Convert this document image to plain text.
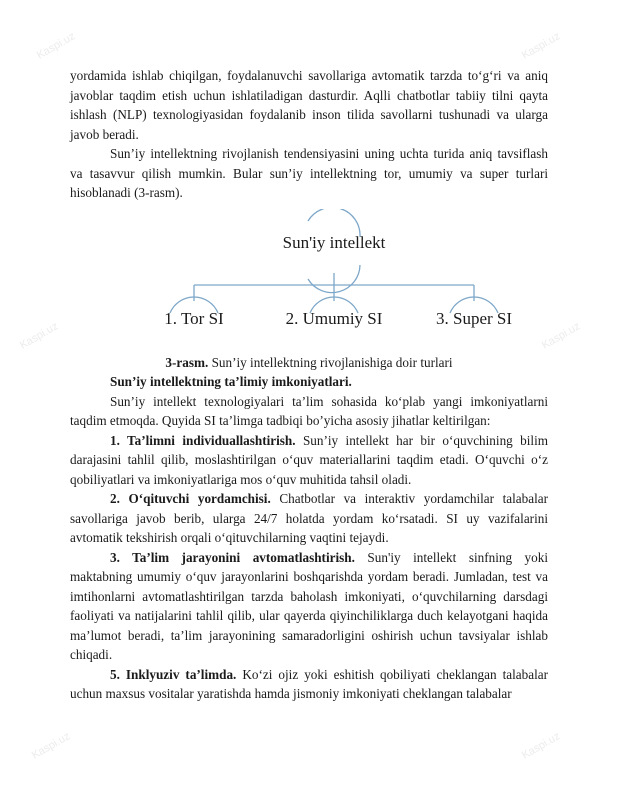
yordamida ishlab chiqilgan, foydalanuvchi savollariga avtomatik tarzda to‘g‘ri va aniq javoblar taqdim etish uchun ishlatiladigan dasturdir. Aqlli chatbotlar tabiiy tilni qayta ishlash (NLP) texnologiyasidan foydalanib inson tilida savollarni tushunadi va ularga javob beradi.

Sun’iy intellektning rivojlanish tendensiyasini uning uchta turida aniq tavsiflash va tasavvur qilish mumkin. Bular sun’iy intellektning tor, umumiy va super turlari hisoblanadi (3-rasm).

Sun'iy intellekt
1. Tor SI	2. Umumiy SI	3. Super SI
3-rasm. Sun’iy intellektning rivojlanishiga doir turlari

Sun’iy intellektning ta’limiy imkoniyatlari.

Sun’iy intellekt texnologiyalari ta’lim sohasida ko‘plab yangi imkoniyatlarni taqdim etmoqda. Quyida SI ta’limga tadbiqi bo’yicha asosiy jihatlar keltirilgan:

1. Ta’limni individuallashtirish. Sun’iy intellekt har bir o‘quvchining bilim darajasini tahlil qilib, moslashtirilgan o‘quv materiallarini taqdim etadi. O‘quvchi o‘z qobiliyatlari va imkoniyatlariga mos o‘quv muhitida tahsil oladi.

2. O‘qituvchi yordamchisi. Chatbotlar va interaktiv yordamchilar talabalar savollariga javob berib, ularga 24/7 holatda yordam ko‘rsatadi. SI uy vazifalarini avtomatik tekshirish orqali o‘qituvchilarning vaqtini tejaydi.

3. Ta’lim jarayonini avtomatlashtirish. Sun'iy intellekt sinfning yoki maktabning umumiy o‘quv jarayonlarini boshqarishda yordam beradi. Jumladan, test va imtihonlarni avtomatlashtirilgan tarzda baholash imkoniyati, o‘quvchilarning darsdagi faoliyati va natijalarini tahlil qilib, ular qayerda qiyinchiliklarga duch kelayotgani haqida ma’lumot beradi, ta’lim jarayonining samaradorligini oshirish uchun tavsiyalar ishlab chiqadi.

5. Inklyuziv ta’limda. Ko‘zi ojiz yoki eshitish qobiliyati cheklangan talabalar uchun maxsus vositalar yaratishda hamda jismoniy imkoniyati cheklangan talabalar

Kaspi.uz	Kaspi.uz
Kaspi.uz	Kaspi.uz
Kaspi.uz	Kaspi.uz
